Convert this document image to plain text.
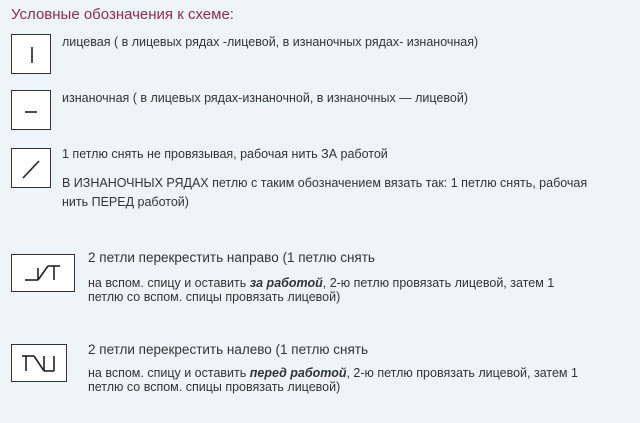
Условные обозначения к схеме:
лицевая ( в лицевых рядах -лицевой, в изнаночных рядах- изнаночная)
изнаночная ( в лицевых рядах-изнаночной, в изнаночных — лицевой)
1 петлю снять не провязывая, рабочая нить ЗА работой
В ИЗНАНОЧНЫХ РЯДАХ петлю с таким обозначением вязать так: 1 петлю снять, рабочая
нить ПЕРЕД работой)
2 петли перекрестить направо (1 петлю снять
на вспом. спицу и оставить за работой, 2-ю петлю провязать лицевой, затем 1
петлю со вспом. спицы провязать лицевой)
2 петли перекрестить налево (1 петлю снять
на вспом. спицу и оставить перед работой, 2-ю петлю провязать лицевой, затем 1
петлю со вспом. спицы провязать лицевой)
